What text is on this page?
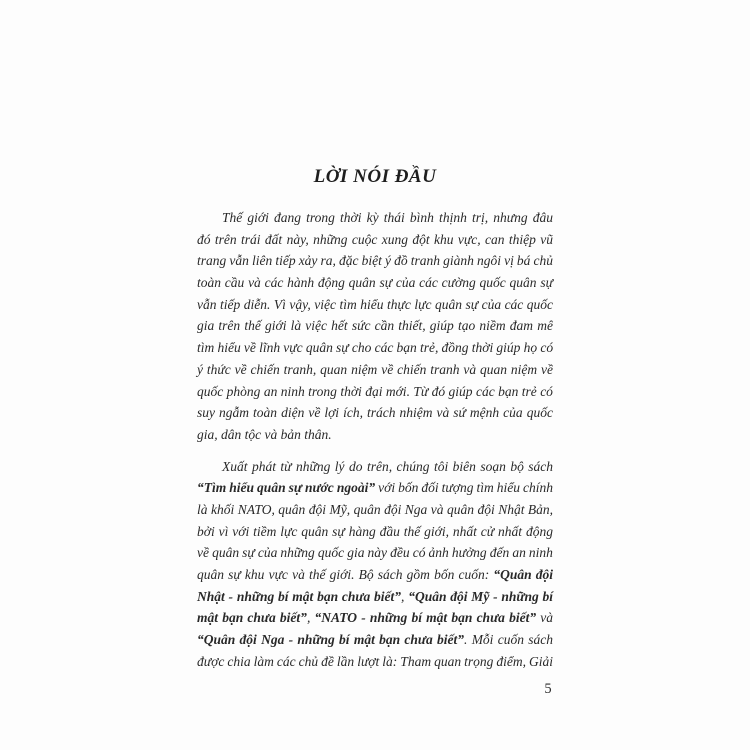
LỜI NÓI ĐẦU
Thế giới đang trong thời kỳ thái bình thịnh trị, nhưng đâu
đó trên trái đất này, những cuộc xung đột khu vực, can thiệp vũ
trang vẫn liên tiếp xảy ra, đặc biệt ý đồ tranh giành ngôi vị bá chủ
toàn cầu và các hành động quân sự của các cường quốc quân sự
vẫn tiếp diễn. Vì vậy, việc tìm hiểu thực lực quân sự của các quốc
gia trên thế giới là việc hết sức cần thiết, giúp tạo niềm đam mê
tìm hiểu về lĩnh vực quân sự cho các bạn trẻ, đồng thời giúp họ có
ý thức về chiến tranh, quan niệm về chiến tranh và quan niệm về
quốc phòng an ninh trong thời đại mới. Từ đó giúp các bạn trẻ có
suy ngẫm toàn diện về lợi ích, trách nhiệm và sứ mệnh của quốc
gia, dân tộc và bản thân.
Xuất phát từ những lý do trên, chúng tôi biên soạn bộ sách
“Tìm hiểu quân sự nước ngoài” với bốn đối tượng tìm hiểu chính
là khối NATO, quân đội Mỹ, quân đội Nga và quân đội Nhật Bản,
bởi vì với tiềm lực quân sự hàng đầu thế giới, nhất cử nhất động
về quân sự của những quốc gia này đều có ảnh hưởng đến an ninh
quân sự khu vực và thế giới. Bộ sách gồm bốn cuốn: “Quân đội
Nhật - những bí mật bạn chưa biết”, “Quân đội Mỹ - những bí
mật bạn chưa biết”, “NATO - những bí mật bạn chưa biết” và
“Quân đội Nga - những bí mật bạn chưa biết”. Mỗi cuốn sách
được chia làm các chủ đề lần lượt là: Tham quan trọng điểm, Giải
5
